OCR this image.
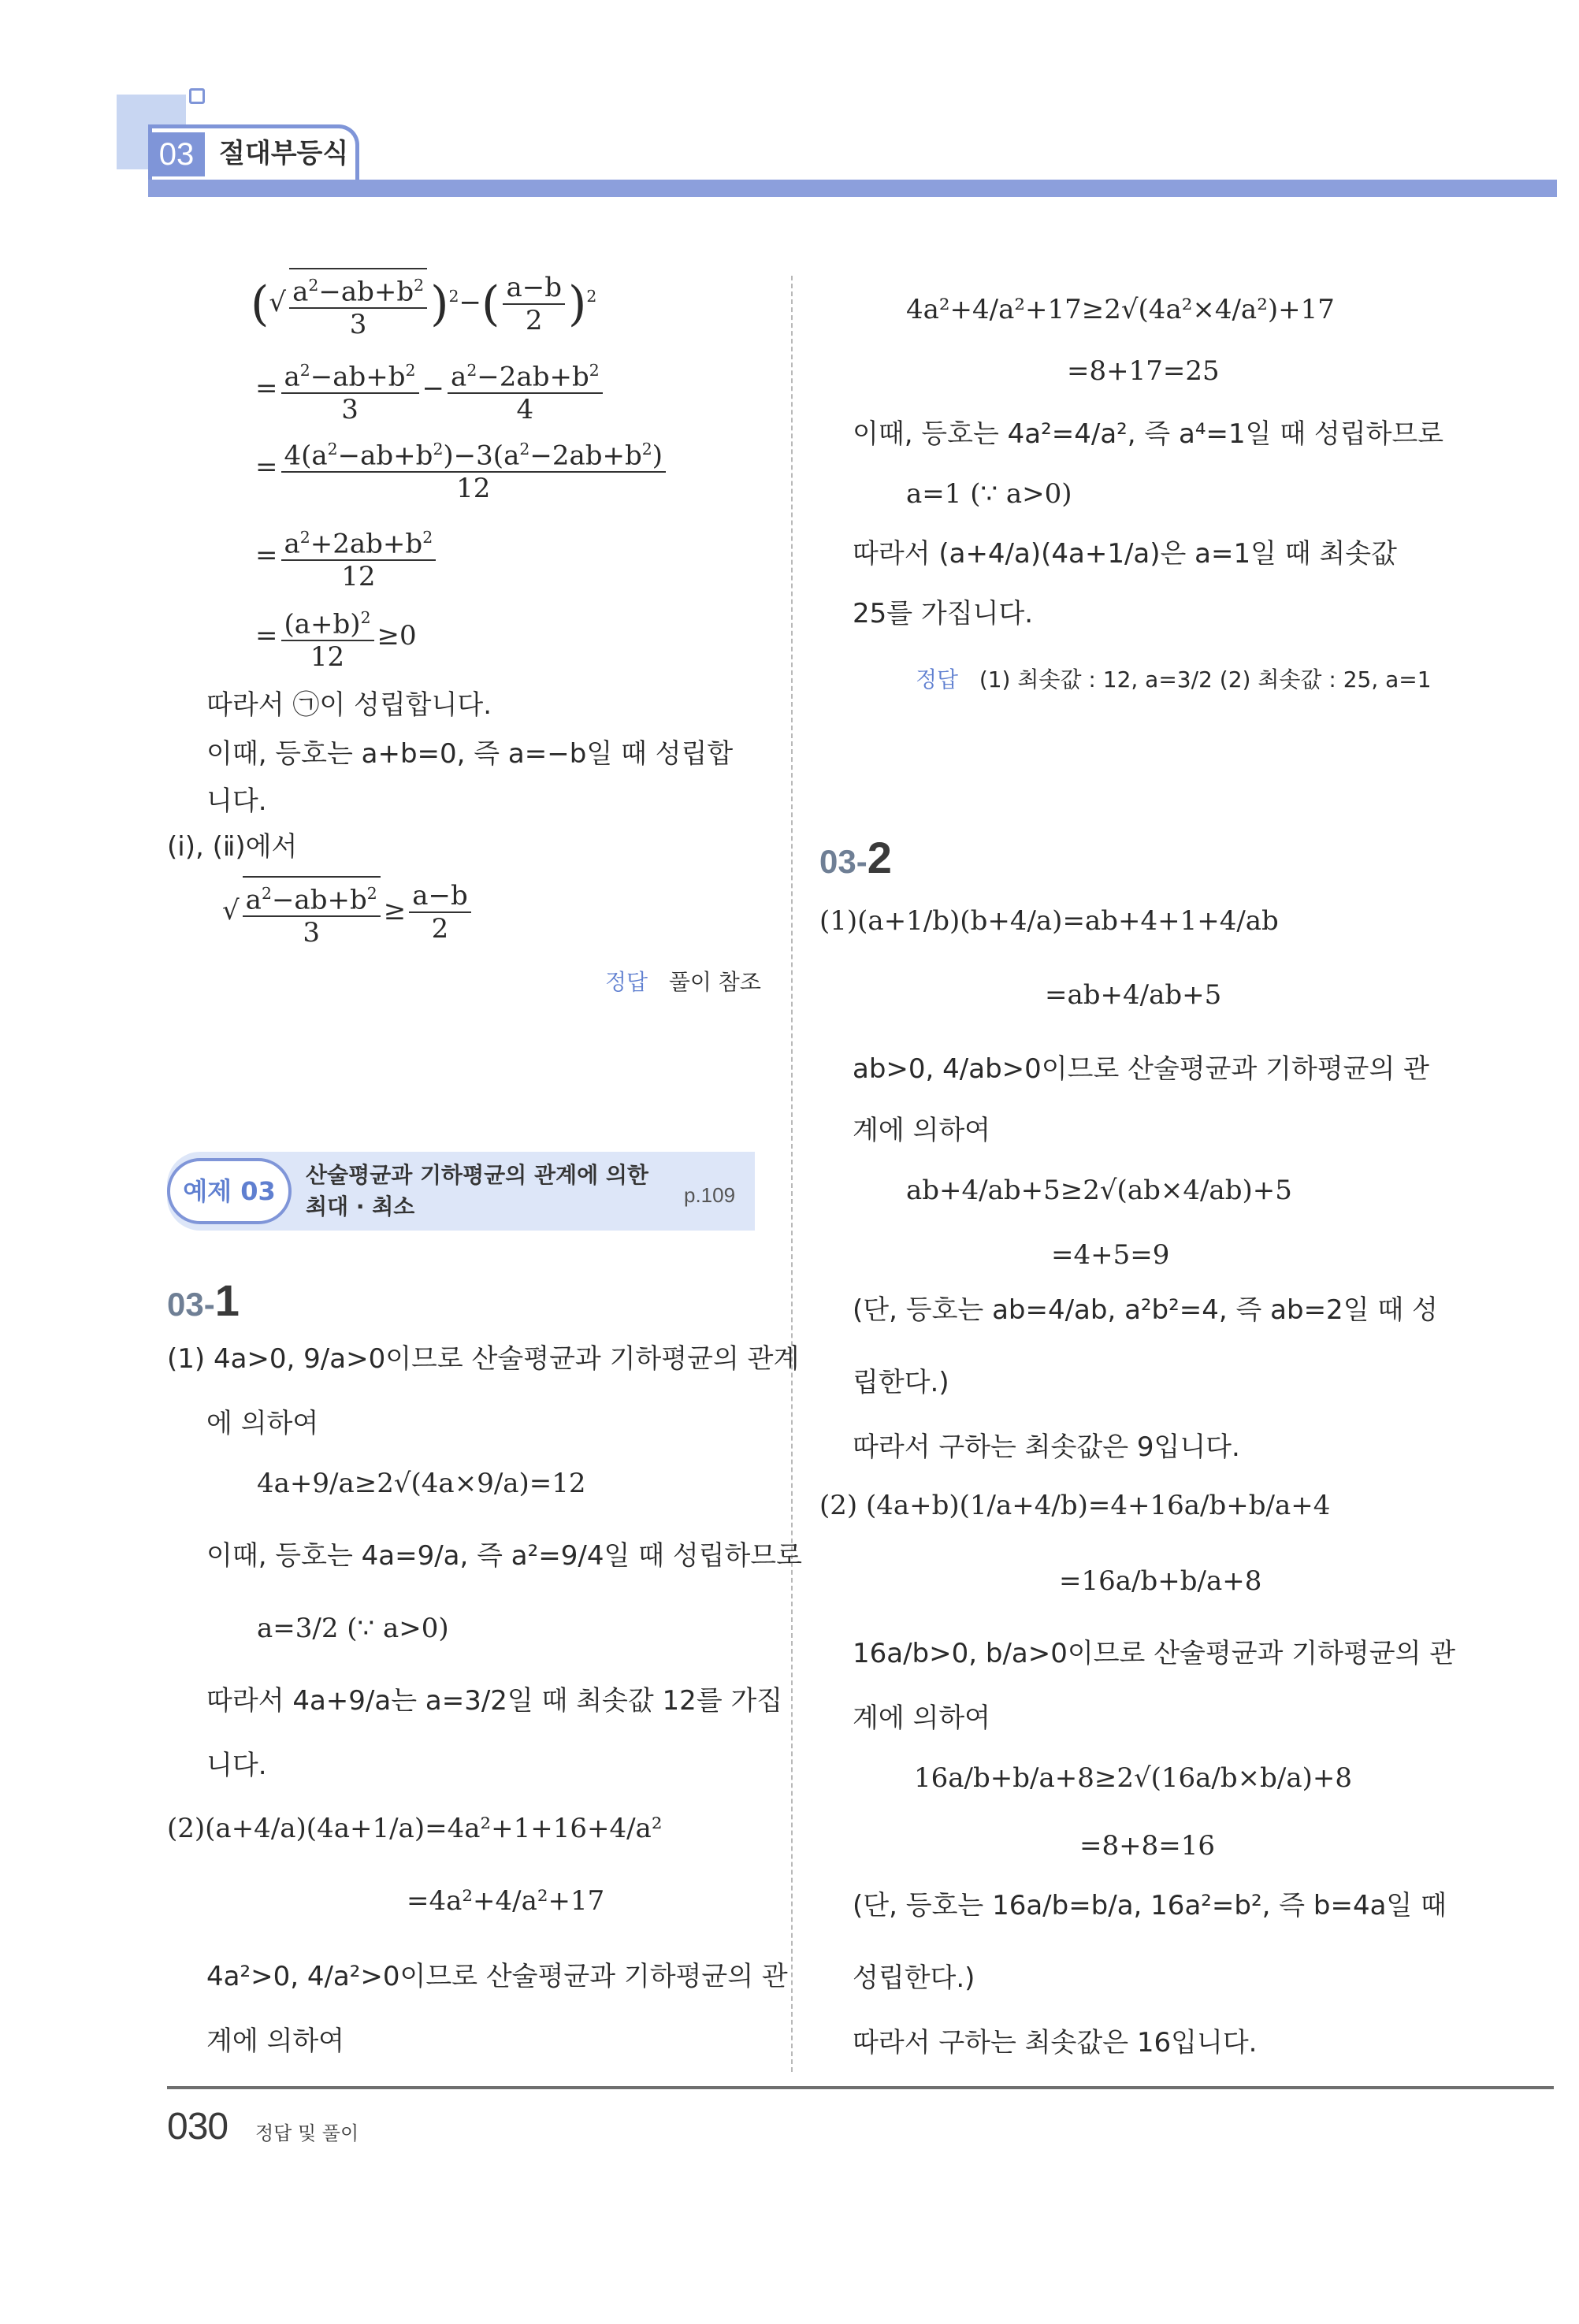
03 절대부등식
(√ $\frac{a^2-ab+b^2}{3} )^2-( \frac{a-b}{2} )^2$
= $\frac{a^2-ab+b^2}{3} - \frac{a^2-2ab+b^2}{4}$
= $\frac{4(a^2-ab+b^2)-3(a^2-2ab+b^2)}{12}$
= $\frac{a^2+2ab+b^2}{12}$
= $\frac{(a+b)^2}{12} \ge 0$
따라서 ㉠이 성립합니다.
이때, 등호는 a+b=0, 즉 a=−b일 때 성립합
니다.
(ⅰ), (ⅱ)에서
√ $\frac{a^2-ab+b^2}{3} \ge \frac{a-b}{2}$
정답 풀이 참조
예제 03
산술평균과 기하평균의 관계에 의한
최대 · 최소	p.109
03-1
(1) 4a>0, 9/a>0이므로 산술평균과 기하평균의 관계
에 의하여
4a+9/a≥2√(4a×9/a)=12
이때, 등호는 4a=9/a, 즉 a²=9/4일 때 성립하므로
a=3/2 (∵ a>0)
따라서 4a+9/a는 a=3/2일 때 최솟값 12를 가집
니다.
(2)(a+4/a)(4a+1/a)=4a²+1+16+4/a²
=4a²+4/a²+17
4a²>0, 4/a²>0이므로 산술평균과 기하평균의 관
계에 의하여
4a²+4/a²+17≥2√(4a²×4/a²)+17
=8+17=25
이때, 등호는 4a²=4/a², 즉 a⁴=1일 때 성립하므로
a=1 (∵ a>0)
따라서 (a+4/a)(4a+1/a)은 a=1일 때 최솟값
25를 가집니다.
정답 (1) 최솟값 : 12, a=3/2 (2) 최솟값 : 25, a=1
03-2
(1)(a+1/b)(b+4/a)=ab+4+1+4/ab
=ab+4/ab+5
ab>0, 4/ab>0이므로 산술평균과 기하평균의 관
계에 의하여
ab+4/ab+5≥2√(ab×4/ab)+5
=4+5=9
(단, 등호는 ab=4/ab, a²b²=4, 즉 ab=2일 때 성
립한다.)
따라서 구하는 최솟값은 9입니다.
(2) (4a+b)(1/a+4/b)=4+16a/b+b/a+4
=16a/b+b/a+8
16a/b>0, b/a>0이므로 산술평균과 기하평균의 관
계에 의하여
16a/b+b/a+8≥2√(16a/b×b/a)+8
=8+8=16
(단, 등호는 16a/b=b/a, 16a²=b², 즉 b=4a일 때
성립한다.)
따라서 구하는 최솟값은 16입니다.
030 정답 및 풀이
